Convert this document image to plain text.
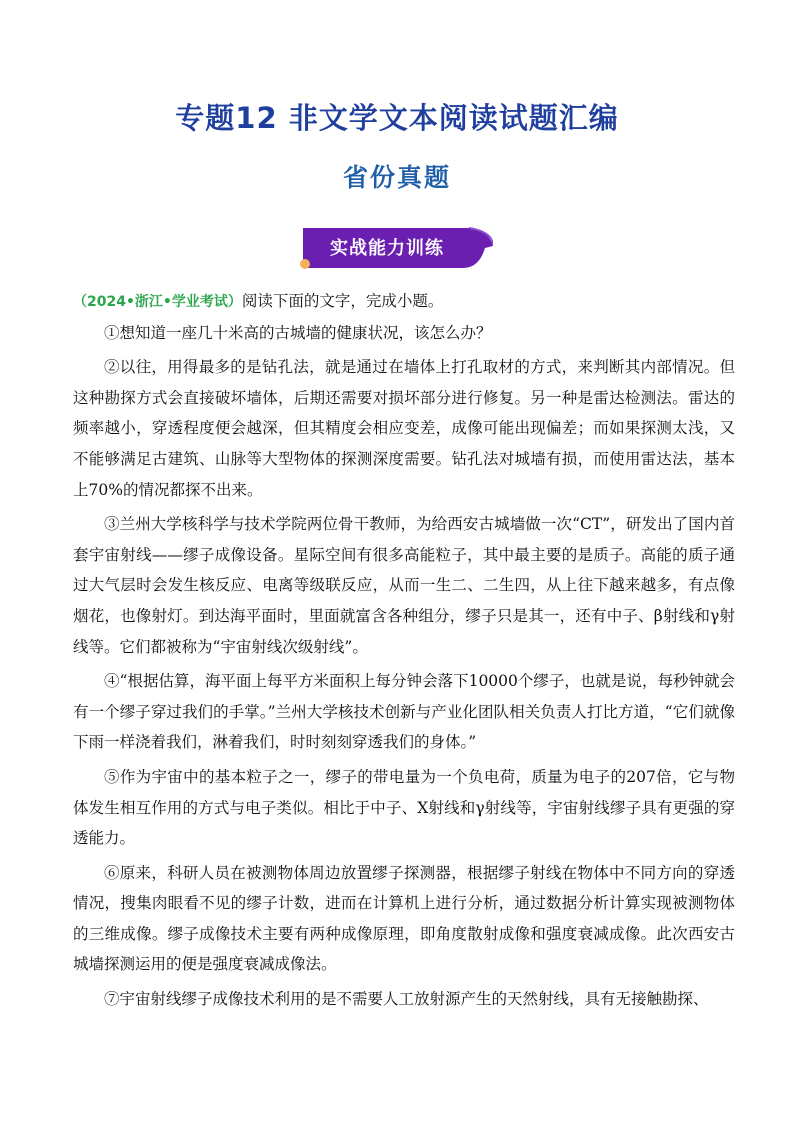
专题12 非文学文本阅读试题汇编
省份真题
实战能力训练

（2024•浙江•学业考试）阅读下面的文字，完成小题。

①想知道一座几十米高的古城墙的健康状况，该怎么办？

②以往，用得最多的是钻孔法，就是通过在墙体上打孔取材的方式，来判断其内部情况。但这种勘探方式会直接破坏墙体，后期还需要对损坏部分进行修复。另一种是雷达检测法。雷达的频率越小，穿透程度便会越深，但其精度会相应变差，成像可能出现偏差；而如果探测太浅，又不能够满足古建筑、山脉等大型物体的探测深度需要。钻孔法对城墙有损，而使用雷达法，基本上70%的情况都探不出来。

③兰州大学核科学与技术学院两位骨干教师，为给西安古城墙做一次“CT”，研发出了国内首套宇宙射线——缪子成像设备。星际空间有很多高能粒子，其中最主要的是质子。高能的质子通过大气层时会发生核反应、电离等级联反应，从而一生二、二生四，从上往下越来越多，有点像烟花，也像射灯。到达海平面时，里面就富含各种组分，缪子只是其一，还有中子、β射线和γ射线等。它们都被称为“宇宙射线次级射线”。

④“根据估算，海平面上每平方米面积上每分钟会落下10000个缪子，也就是说，每秒钟就会有一个缪子穿过我们的手掌。”兰州大学核技术创新与产业化团队相关负责人打比方道，“它们就像下雨一样浇着我们，淋着我们，时时刻刻穿透我们的身体。”

⑤作为宇宙中的基本粒子之一，缪子的带电量为一个负电荷，质量为电子的207倍，它与物体发生相互作用的方式与电子类似。相比于中子、X射线和γ射线等，宇宙射线缪子具有更强的穿透能力。

⑥原来，科研人员在被测物体周边放置缪子探测器，根据缪子射线在物体中不同方向的穿透情况，搜集肉眼看不见的缪子计数，进而在计算机上进行分析，通过数据分析计算实现被测物体的三维成像。缪子成像技术主要有两种成像原理，即角度散射成像和强度衰减成像。此次西安古城墙探测运用的便是强度衰减成像法。

⑦宇宙射线缪子成像技术利用的是不需要人工放射源产生的天然射线，具有无接触勘探、
